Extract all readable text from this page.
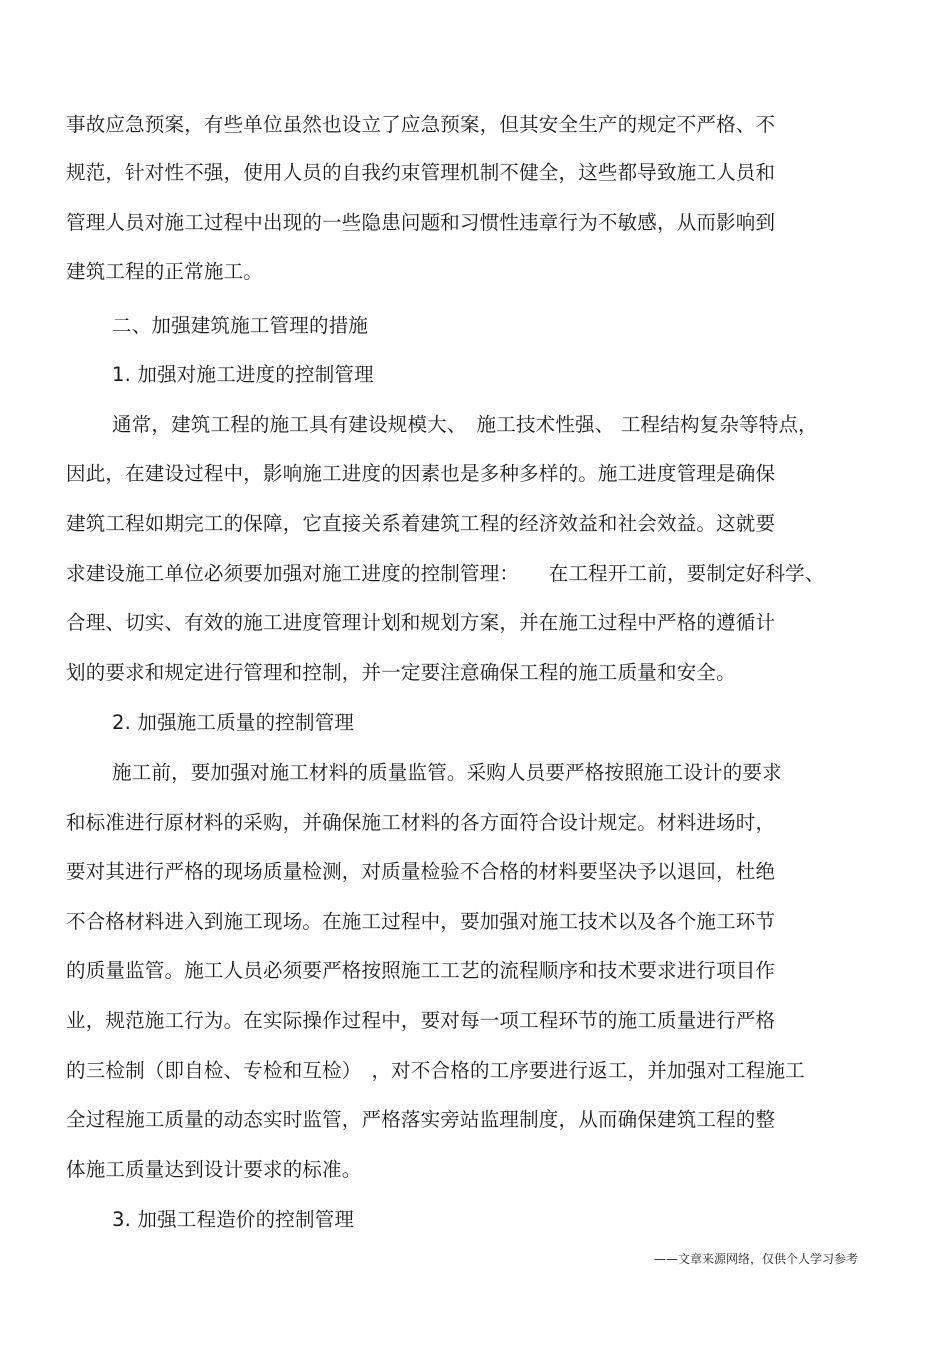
事故应急预案，有些单位虽然也设立了应急预案，但其安全生产的规定不严格、不
规范，针对性不强，使用人员的自我约束管理机制不健全，这些都导致施工人员和
管理人员对施工过程中出现的一些隐患问题和习惯性违章行为不敏感，从而影响到
建筑工程的正常施工。
二、加强建筑施工管理的措施
1. 加强对施工进度的控制管理
通常，建筑工程的施工具有建设规模大、　施工技术性强、 工程结构复杂等特点，
因此，在建设过程中，影响施工进度的因素也是多种多样的。施工进度管理是确保
建筑工程如期完工的保障，它直接关系着建筑工程的经济效益和社会效益。这就要
求建设施工单位必须要加强对施工进度的控制管理：　　在工程开工前，要制定好科学、
合理、切实、有效的施工进度管理计划和规划方案，并在施工过程中严格的遵循计
划的要求和规定进行管理和控制，并一定要注意确保工程的施工质量和安全。
2. 加强施工质量的控制管理
施工前，要加强对施工材料的质量监管。采购人员要严格按照施工设计的要求
和标准进行原材料的采购，并确保施工材料的各方面符合设计规定。材料进场时，
要对其进行严格的现场质量检测，对质量检验不合格的材料要坚决予以退回，杜绝
不合格材料进入到施工现场。在施工过程中，要加强对施工技术以及各个施工环节
的质量监管。施工人员必须要严格按照施工工艺的流程顺序和技术要求进行项目作
业，规范施工行为。在实际操作过程中，要对每一项工程环节的施工质量进行严格
的三检制（即自检、专检和互检）　，对不合格的工序要进行返工，并加强对工程施工
全过程施工质量的动态实时监管，严格落实旁站监理制度，从而确保建筑工程的整
体施工质量达到设计要求的标准。
3. 加强工程造价的控制管理
——文章来源网络，仅供个人学习参考
